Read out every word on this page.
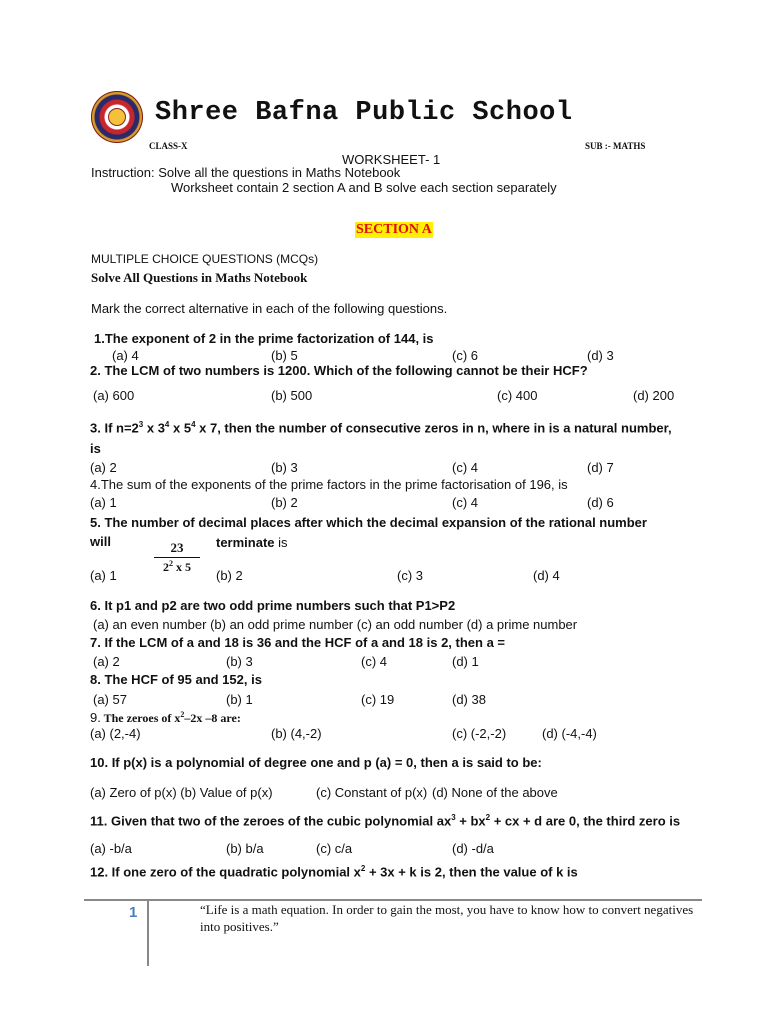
Shree Bafna Public School
CLASS-X	SUB :- MATHS
WORKSHEET- 1
Instruction: Solve all the questions in Maths Notebook
Worksheet contain 2 section A and B solve each section separately
SECTION A
MULTIPLE CHOICE QUESTIONS (MCQs)
Solve All Questions in Maths Notebook
Mark the correct alternative in each of the following questions.
1.The exponent of 2 in the prime factorization of 144, is
(a) 4	(b) 5	(c) 6	(d) 3
2. The LCM of two numbers is 1200. Which of the following cannot be their HCF?
(a) 600	(b) 500	(c) 400	(d) 200
3. If $n=2^3$ x $3^4$ x $5^4$ x 7, then the number of consecutive zeros in n, where in is a natural number,
is
(a) 2	(b) 3	(c) 4	(d) 7
4.The sum of the exponents of the prime factors in the prime factorisation of 196, is
(a) 1	(b) 2	(c) 4	(d) 6
5. The number of decimal places after which the decimal expansion of the rational number
will	$\frac{23}{2^2 x 5}$ terminate is
(a) 1	(b) 2	(c) 3	(d) 4
6. It p1 and p2 are two odd prime numbers such that P1>P2
(a) an even number (b) an odd prime number (c) an odd number (d) a prime number
7. If the LCM of a and 18 is 36 and the HCF of a and 18 is 2, then a =
(a) 2	(b) 3	(c) 4	(d) 1
8. The HCF of 95 and 152, is
(a) 57	(b) 1	(c) 19	(d) 38
9. The zeroes of $x^2-2x$ –8 are:
(a) (2,-4)	(b) (4,-2)	(c) (-2,-2)	(d) (-4,-4)
10. If p(x) is a polynomial of degree one and p (a) = 0, then a is said to be:
(a) Zero of p(x) (b) Value of p(x)	(c) Constant of p(x) (d) None of the above
11. Given that two of the zeroes of the cubic polynomial $ax^3 + bx^2$ + cx + d are 0, the third zero is
(a) -b/a	(b) b/a	(c) c/a	(d) -d/a
12. If one zero of the quadratic polynomial $x^2 + 3x + k$ is 2, then the value of k is
1	“Life is a math equation. In order to gain the most, you have to know how to convert negatives into positives.”
